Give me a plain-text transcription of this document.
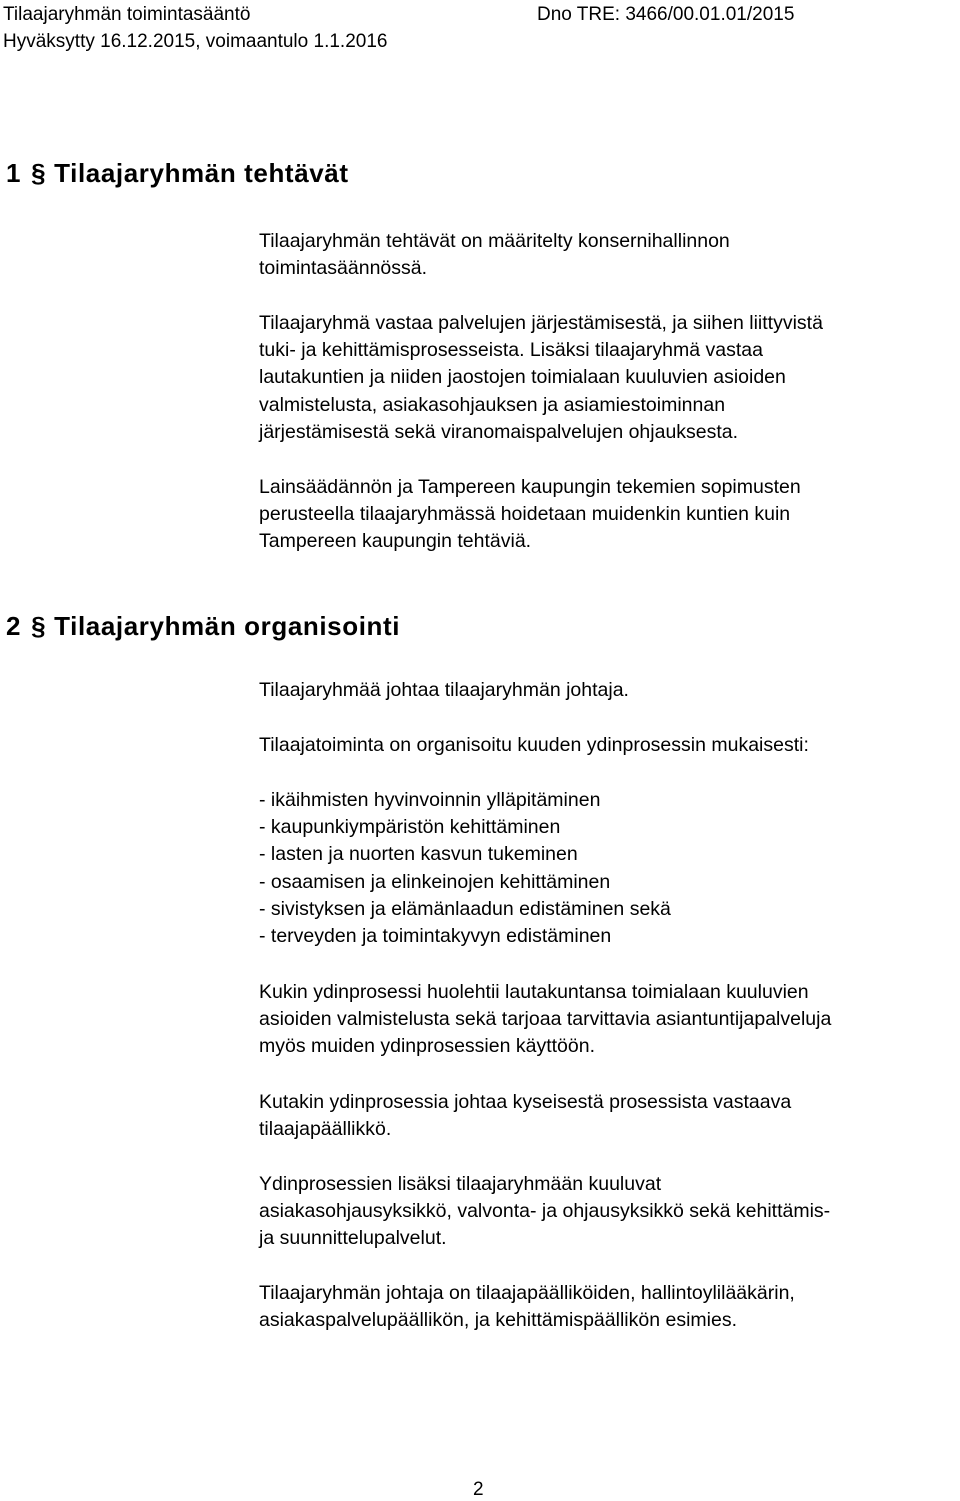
Tilaajaryhmän toimintasääntö	Dno TRE: 3466/00.01.01/2015
Hyväksytty 16.12.2015, voimaantulo 1.1.2016
1 § Tilaajaryhmän tehtävät

Tilaajaryhmän tehtävät on määritelty konsernihallinnon

toimintasäännössä.

Tilaajaryhmä vastaa palvelujen järjestämisestä, ja siihen liittyvistä

tuki- ja kehittämisprosesseista. Lisäksi tilaajaryhmä vastaa

lautakuntien ja niiden jaostojen toimialaan kuuluvien asioiden

valmistelusta, asiakasohjauksen ja asiamiestoiminnan

järjestämisestä sekä viranomaispalvelujen ohjauksesta.

Lainsäädännön ja Tampereen kaupungin tekemien sopimusten

perusteella tilaajaryhmässä hoidetaan muidenkin kuntien kuin

Tampereen kaupungin tehtäviä.

2 § Tilaajaryhmän organisointi

Tilaajaryhmää johtaa tilaajaryhmän johtaja.

Tilaajatoiminta on organisoitu kuuden ydinprosessin mukaisesti:

- ikäihmisten hyvinvoinnin ylläpitäminen

- kaupunkiympäristön kehittäminen

- lasten ja nuorten kasvun tukeminen

- osaamisen ja elinkeinojen kehittäminen

- sivistyksen ja elämänlaadun edistäminen sekä

- terveyden ja toimintakyvyn edistäminen

Kukin ydinprosessi huolehtii lautakuntansa toimialaan kuuluvien

asioiden valmistelusta sekä tarjoaa tarvittavia asiantuntijapalveluja

myös muiden ydinprosessien käyttöön.

Kutakin ydinprosessia johtaa kyseisestä prosessista vastaava

tilaajapäällikkö.

Ydinprosessien lisäksi tilaajaryhmään kuuluvat

asiakasohjausyksikkö, valvonta- ja ohjausyksikkö sekä kehittämis-

ja suunnittelupalvelut.

Tilaajaryhmän johtaja on tilaajapäälliköiden, hallintoylilääkärin,

asiakaspalvelupäällikön, ja kehittämispäällikön esimies.

2
